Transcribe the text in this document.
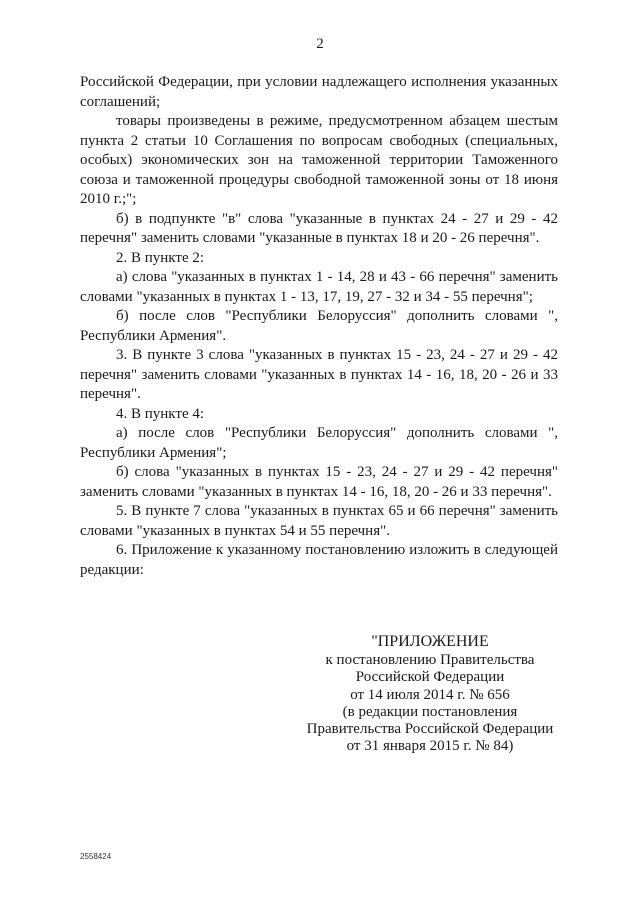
2

Российской Федерации, при условии надлежащего исполнения указанных соглашений;

товары произведены в режиме, предусмотренном абзацем шестым пункта 2 статьи 10 Соглашения по вопросам свободных (специальных, особых) экономических зон на таможенной территории Таможенного союза и таможенной процедуры свободной таможенной зоны от 18 июня 2010 г.;";

б) в подпункте "в" слова "указанные в пунктах 24 - 27 и 29 - 42 перечня" заменить словами "указанные в пунктах 18 и 20 - 26 перечня".

2. В пункте 2:

а) слова "указанных в пунктах 1 - 14, 28 и 43 - 66 перечня" заменить словами "указанных в пунктах 1 - 13, 17, 19, 27 - 32 и 34 - 55 перечня";

б) после слов "Республики Белоруссия" дополнить словами ", Республики Армения".

3. В пункте 3 слова "указанных в пунктах 15 - 23, 24 - 27 и 29 - 42 перечня" заменить словами "указанных в пунктах 14 - 16, 18, 20 - 26 и 33 перечня".

4. В пункте 4:

а) после слов "Республики Белоруссия" дополнить словами ", Республики Армения";

б) слова "указанных в пунктах 15 - 23, 24 - 27 и 29 - 42 перечня" заменить словами "указанных в пунктах 14 - 16, 18, 20 - 26 и 33 перечня".

5. В пункте 7 слова "указанных в пунктах 65 и 66 перечня" заменить словами "указанных в пунктах 54 и 55 перечня".

6. Приложение к указанному постановлению изложить в следующей редакции:

"ПРИЛОЖЕНИЕ
к постановлению Правительства
Российской Федерации
от 14 июля 2014 г. № 656
(в редакции постановления
Правительства Российской Федерации
от 31 января 2015 г. № 84)
2558424
